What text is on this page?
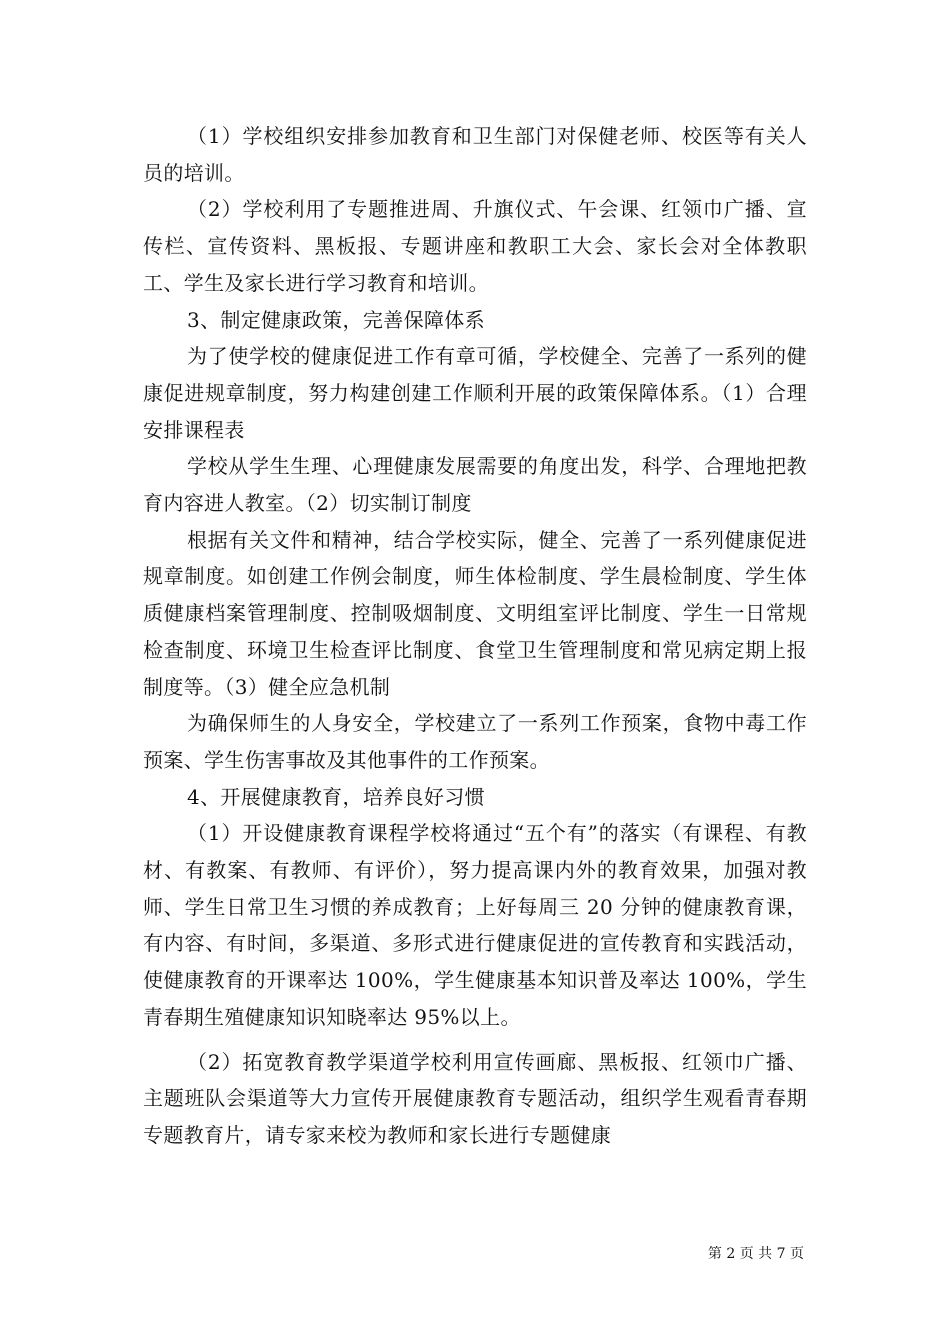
（1）学校组织安排参加教育和卫生部门对保健老师、校医等有关人员的培训。

（2）学校利用了专题推进周、升旗仪式、午会课、红领巾广播、宣传栏、宣传资料、黑板报、专题讲座和教职工大会、家长会对全体教职工、学生及家长进行学习教育和培训。

3、制定健康政策，完善保障体系

为了使学校的健康促进工作有章可循，学校健全、完善了一系列的健康促进规章制度，努力构建创建工作顺利开展的政策保障体系。（1）合理安排课程表

学校从学生生理、心理健康发展需要的角度出发，科学、合理地把教育内容进人教室。（2）切实制订制度

根据有关文件和精神，结合学校实际，健全、完善了一系列健康促进规章制度。如创建工作例会制度，师生体检制度、学生晨检制度、学生体质健康档案管理制度、控制吸烟制度、文明组室评比制度、学生一日常规检查制度、环境卫生检查评比制度、食堂卫生管理制度和常见病定期上报制度等。（3）健全应急机制

为确保师生的人身安全，学校建立了一系列工作预案，食物中毒工作预案、学生伤害事故及其他事件的工作预案。

4、开展健康教育，培养良好习惯

（1）开设健康教育课程学校将通过“五个有”的落实（有课程、有教材、有教案、有教师、有评价），努力提高课内外的教育效果，加强对教师、学生日常卫生习惯的养成教育；上好每周三 20 分钟的健康教育课，有内容、有时间，多渠道、多形式进行健康促进的宣传教育和实践活动，使健康教育的开课率达 100%，学生健康基本知识普及率达 100%，学生青春期生殖健康知识知晓率达 95%以上。

（2）拓宽教育教学渠道学校利用宣传画廊、黑板报、红领巾广播、主题班队会渠道等大力宣传开展健康教育专题活动，组织学生观看青春期专题教育片，请专家来校为教师和家长进行专题健康

第 2 页 共 7 页
